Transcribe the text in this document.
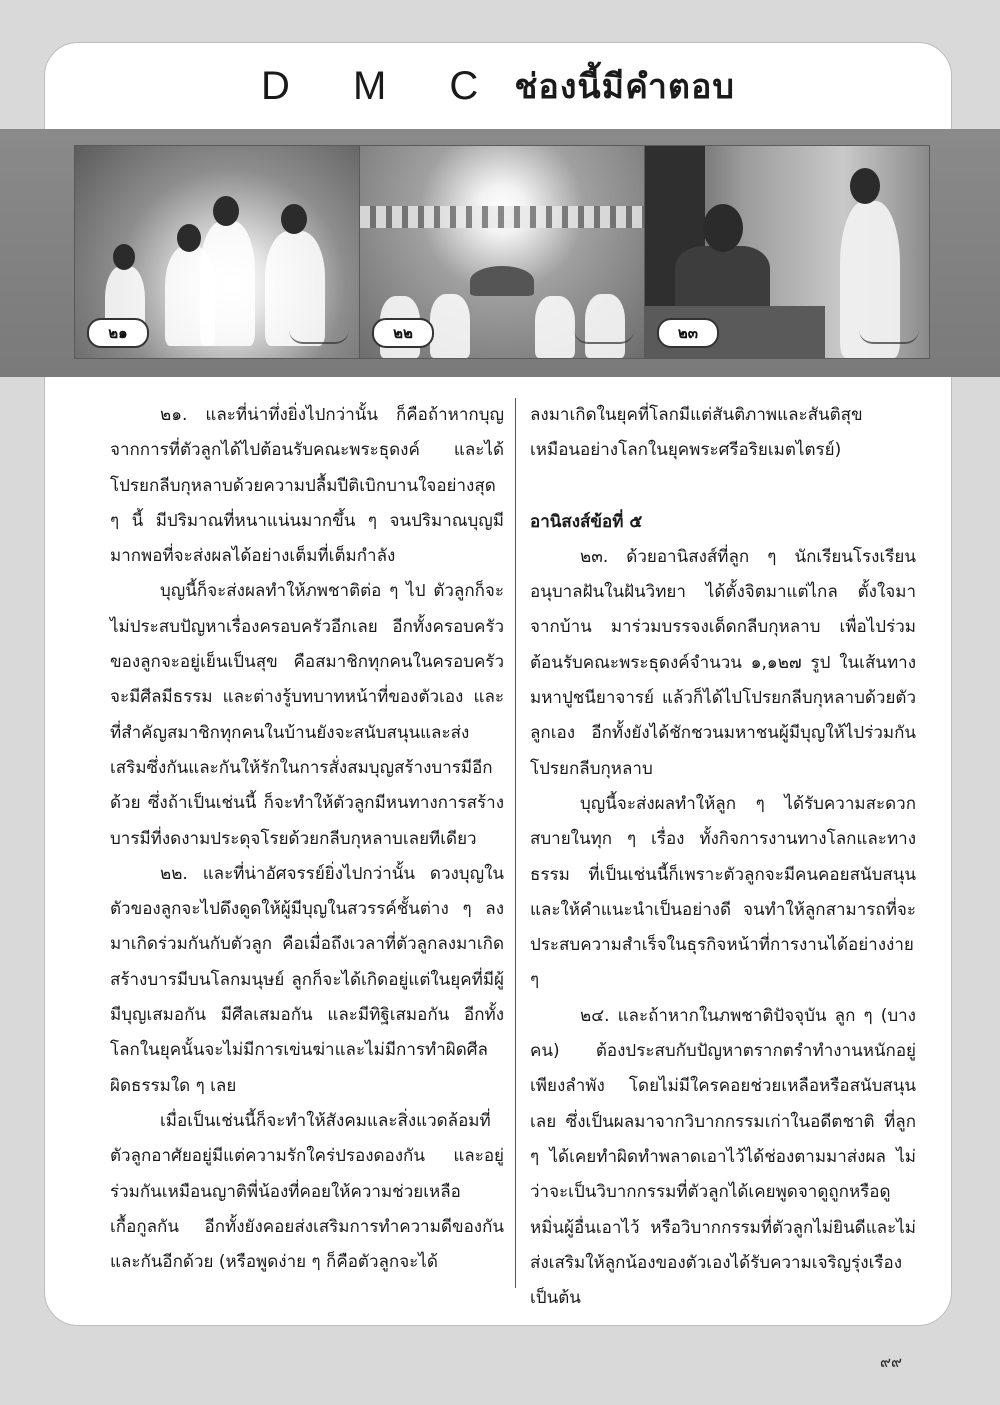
D M C ช่องนี้มีคำตอบ
๒๑	๒๒	๒๓

๒๑. และที่น่าทึ่งยิ่งไปกว่านั้น ก็คือถ้าหากบุญจากการที่ตัวลูกได้ไปต้อนรับคณะพระธุดงค์ และได้โปรยกลีบกุหลาบด้วยความปลื้มปีติเบิกบานใจอย่างสุด ๆ นี้ มีปริมาณที่หนาแน่นมากขึ้น ๆ จนปริมาณบุญมีมากพอที่จะส่งผลได้อย่างเต็มที่เต็มกำลัง

บุญนี้ก็จะส่งผลทำให้ภพชาติต่อ ๆ ไป ตัวลูกก็จะไม่ประสบปัญหาเรื่องครอบครัวอีกเลย อีกทั้งครอบครัวของลูกจะอยู่เย็นเป็นสุข คือสมาชิกทุกคนในครอบครัวจะมีศีลมีธรรม และต่างรู้บทบาทหน้าที่ของตัวเอง และที่สำคัญสมาชิกทุกคนในบ้านยังจะสนับสนุนและส่งเสริมซึ่งกันและกันให้รักในการสั่งสมบุญสร้างบารมีอีกด้วย ซึ่งถ้าเป็นเช่นนี้ ก็จะทำให้ตัวลูกมีหนทางการสร้างบารมีที่งดงามประดุจโรยด้วยกลีบกุหลาบเลยทีเดียว

๒๒. และที่น่าอัศจรรย์ยิ่งไปกว่านั้น ดวงบุญในตัวของลูกจะไปดึงดูดให้ผู้มีบุญในสวรรค์ชั้นต่าง ๆ ลงมาเกิดร่วมกันกับตัวลูก คือเมื่อถึงเวลาที่ตัวลูกลงมาเกิดสร้างบารมีบนโลกมนุษย์ ลูกก็จะได้เกิดอยู่แต่ในยุคที่มีผู้มีบุญเสมอกัน มีศีลเสมอกัน และมีทิฐิเสมอกัน อีกทั้งโลกในยุคนั้นจะไม่มีการเข่นฆ่าและไม่มีการทำผิดศีลผิดธรรมใด ๆ เลย

เมื่อเป็นเช่นนี้ก็จะทำให้สังคมและสิ่งแวดล้อมที่ตัวลูกอาศัยอยู่มีแต่ความรักใคร่ปรองดองกัน และอยู่ร่วมกันเหมือนญาติพี่น้องที่คอยให้ความช่วยเหลือเกื้อกูลกัน อีกทั้งยังคอยส่งเสริมการทำความดีของกันและกันอีกด้วย (หรือพูดง่าย ๆ ก็คือตัวลูกจะได้

ลงมาเกิดในยุคที่โลกมีแต่สันติภาพและสันติสุข เหมือนอย่างโลกในยุคพระศรีอริยเมตไตรย์)

อานิสงส์ข้อที่ ๕

๒๓. ด้วยอานิสงส์ที่ลูก ๆ นักเรียนโรงเรียนอนุบาลฝันในฝันวิทยา ได้ตั้งจิตมาแต่ไกล ตั้งใจมาจากบ้าน มาร่วมบรรจงเด็ดกลีบกุหลาบ เพื่อไปร่วมต้อนรับคณะพระธุดงค์จำนวน ๑,๑๒๗ รูป ในเส้นทางมหาปูชนียาจารย์ แล้วก็ได้ไปโปรยกลีบกุหลาบด้วยตัวลูกเอง อีกทั้งยังได้ชักชวนมหาชนผู้มีบุญให้ไปร่วมกันโปรยกลีบกุหลาบ

บุญนี้จะส่งผลทำให้ลูก ๆ ได้รับความสะดวกสบายในทุก ๆ เรื่อง ทั้งกิจการงานทางโลกและทางธรรม ที่เป็นเช่นนี้ก็เพราะตัวลูกจะมีคนคอยสนับสนุนและให้คำแนะนำเป็นอย่างดี จนทำให้ลูกสามารถที่จะประสบความสำเร็จในธุรกิจหน้าที่การงานได้อย่างง่าย ๆ

๒๔. และถ้าหากในภพชาติปัจจุบัน ลูก ๆ (บางคน) ต้องประสบกับปัญหาตรากตรำทำงานหนักอยู่เพียงลำพัง โดยไม่มีใครคอยช่วยเหลือหรือสนับสนุนเลย ซึ่งเป็นผลมาจากวิบากกรรมเก่าในอดีตชาติ ที่ลูก ๆ ได้เคยทำผิดทำพลาดเอาไว้ได้ช่องตามมาส่งผล ไม่ว่าจะเป็นวิบากกรรมที่ตัวลูกได้เคยพูดจาดูถูกหรือดูหมิ่นผู้อื่นเอาไว้ หรือวิบากกรรมที่ตัวลูกไม่ยินดีและไม่ส่งเสริมให้ลูกน้องของตัวเองได้รับความเจริญรุ่งเรือง เป็นต้น

๙๙
